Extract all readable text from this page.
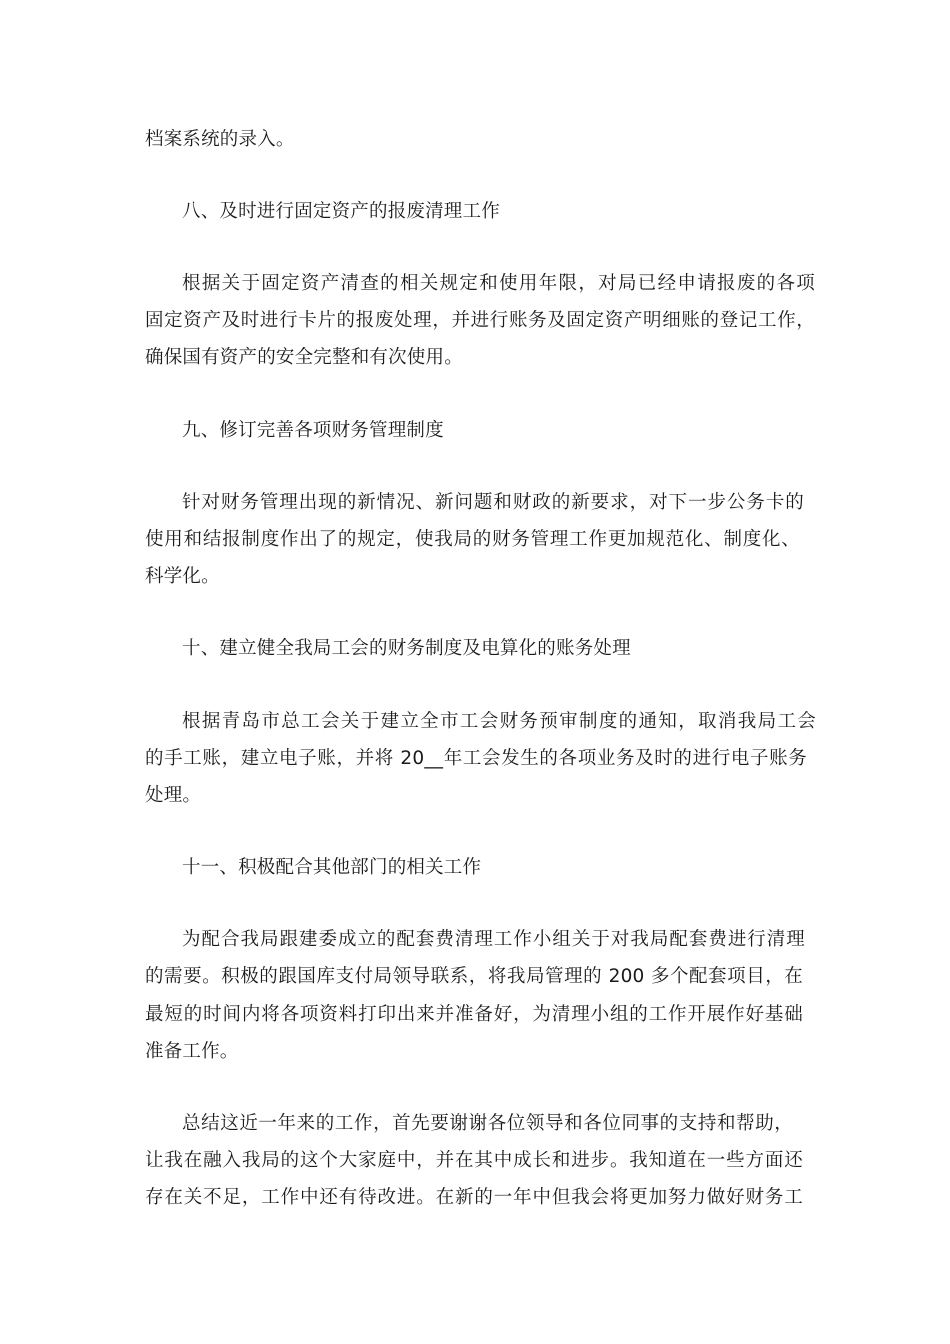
档案系统的录入。
八、及时进行固定资产的报废清理工作
根据关于固定资产清查的相关规定和使用年限，对局已经申请报废的各项
固定资产及时进行卡片的报废处理，并进行账务及固定资产明细账的登记工作，
确保国有资产的安全完整和有次使用。
九、修订完善各项财务管理制度
针对财务管理出现的新情况、新问题和财政的新要求，对下一步公务卡的
使用和结报制度作出了的规定，使我局的财务管理工作更加规范化、制度化、
科学化。
十、建立健全我局工会的财务制度及电算化的账务处理
根据青岛市总工会关于建立全市工会财务预审制度的通知，取消我局工会
的手工账，建立电子账，并将 20__年工会发生的各项业务及时的进行电子账务
处理。
十一、积极配合其他部门的相关工作
为配合我局跟建委成立的配套费清理工作小组关于对我局配套费进行清理
的需要。积极的跟国库支付局领导联系，将我局管理的 200 多个配套项目，在
最短的时间内将各项资料打印出来并准备好，为清理小组的工作开展作好基础
准备工作。
总结这近一年来的工作，首先要谢谢各位领导和各位同事的支持和帮助，
让我在融入我局的这个大家庭中，并在其中成长和进步。我知道在一些方面还
存在关不足，工作中还有待改进。在新的一年中但我会将更加努力做好财务工
